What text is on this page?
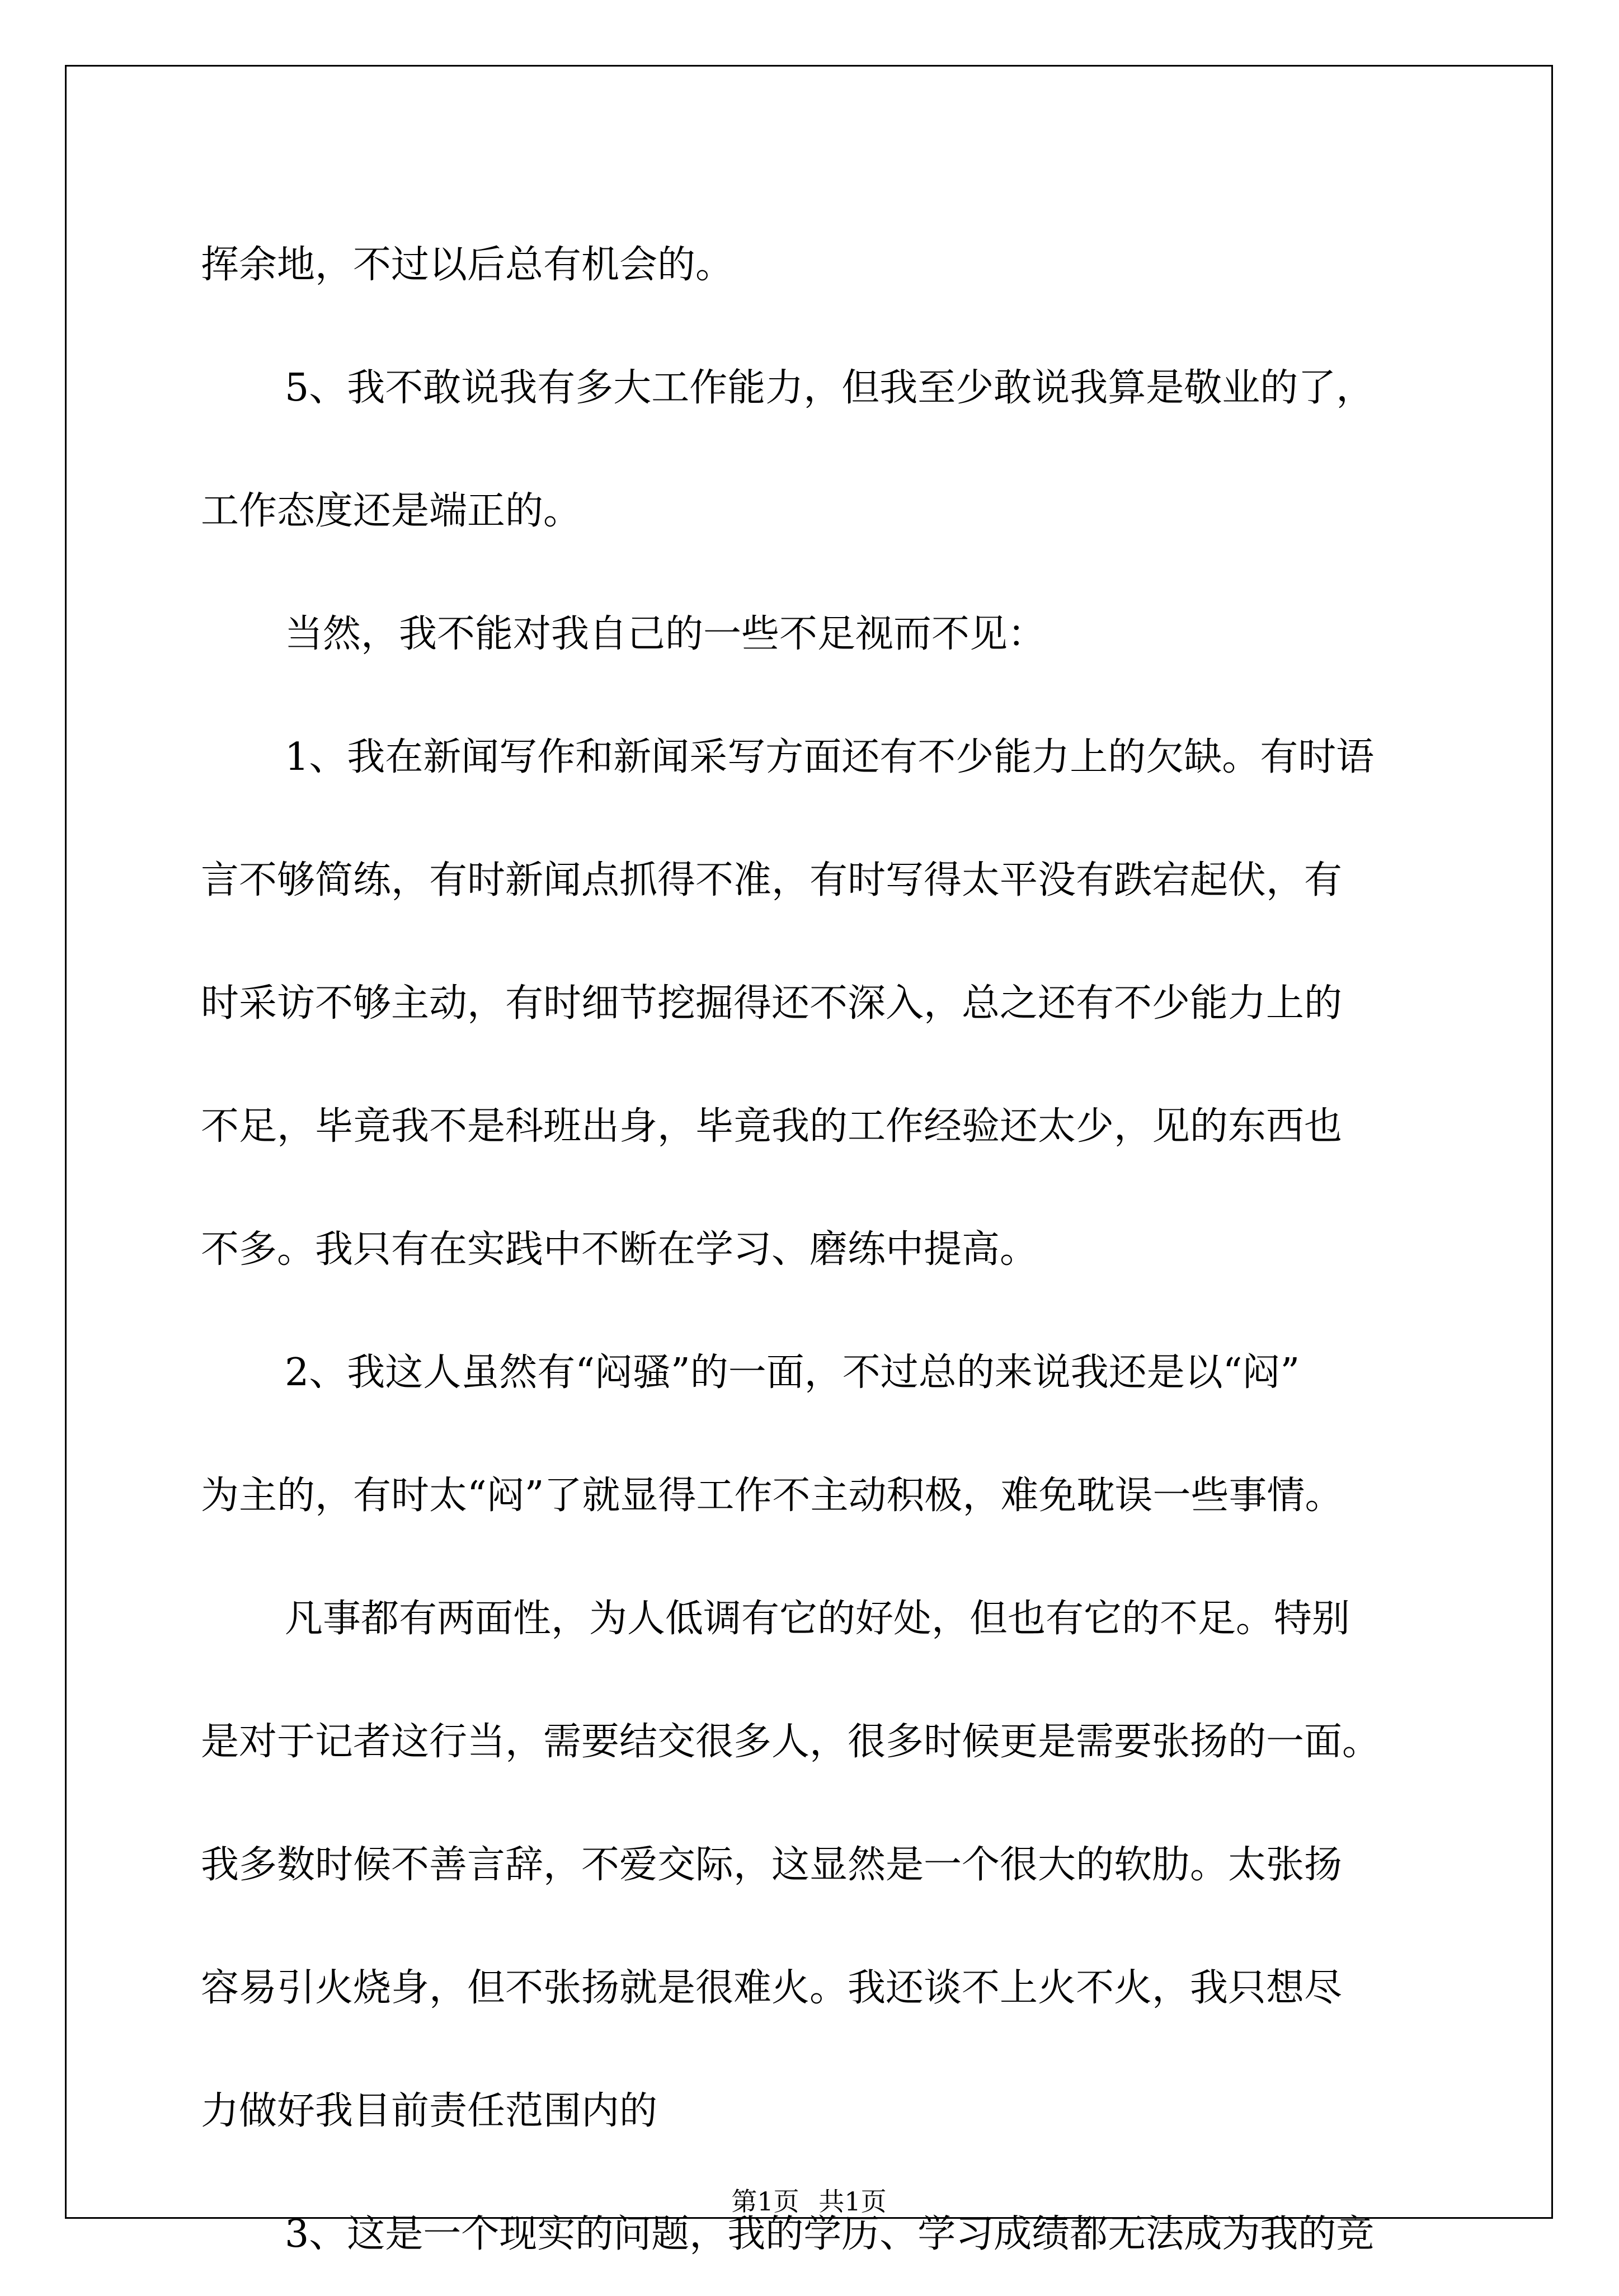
挥余地，不过以后总有机会的。
5、我不敢说我有多大工作能力，但我至少敢说我算是敬业的了，
工作态度还是端正的。
当然，我不能对我自己的一些不足视而不见：
1、我在新闻写作和新闻采写方面还有不少能力上的欠缺。有时语
言不够简练，有时新闻点抓得不准，有时写得太平没有跌宕起伏，有
时采访不够主动，有时细节挖掘得还不深入，总之还有不少能力上的
不足，毕竟我不是科班出身，毕竟我的工作经验还太少，见的东西也
不多。我只有在实践中不断在学习、磨练中提高。
2、我这人虽然有“闷骚”的一面，不过总的来说我还是以“闷”
为主的，有时太“闷”了就显得工作不主动积极，难免耽误一些事情。
凡事都有两面性，为人低调有它的好处，但也有它的不足。特别
是对于记者这行当，需要结交很多人，很多时候更是需要张扬的一面。
我多数时候不善言辞，不爱交际，这显然是一个很大的软肋。太张扬
容易引火烧身，但不张扬就是很难火。我还谈不上火不火，我只想尽
力做好我目前责任范围内的
3、这是一个现实的问题，我的学历、学习成绩都无法成为我的竞
第1页 共1页
